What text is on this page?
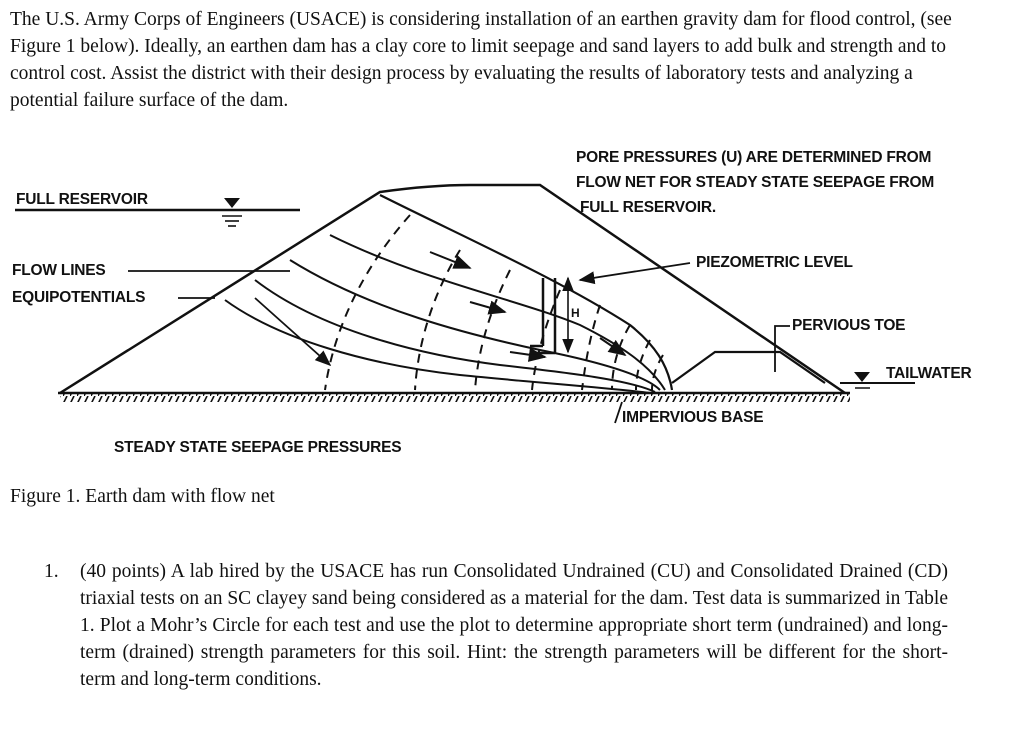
The U.S. Army Corps of Engineers (USACE) is considering installation of an earthen gravity dam for flood control, (see Figure 1 below). Ideally, an earthen dam has a clay core to limit seepage and sand layers to add bulk and strength and to control cost. Assist the district with their design process by evaluating the results of laboratory tests and analyzing a potential failure surface of the dam.

FULL RESERVOIR
FLOW LINES
EQUIPOTENTIALS
PORE PRESSURES (U) ARE DETERMINED FROM
FLOW NET FOR STEADY STATE SEEPAGE FROM
FULL RESERVOIR.
PIEZOMETRIC LEVEL
H
PERVIOUS TOE
TAILWATER
IMPERVIOUS BASE
STEADY STATE SEEPAGE PRESSURES
Figure 1. Earth dam with flow net
1. (40 points) A lab hired by the USACE has run Consolidated Undrained (CU) and Consolidated Drained (CD) triaxial tests on an SC clayey sand being considered as a material for the dam. Test data is summarized in Table 1. Plot a Mohr’s Circle for each test and use the plot to determine appropriate short term (undrained) and long-term (drained) strength parameters for this soil. Hint: the strength parameters will be different for the short-term and long-term conditions.
